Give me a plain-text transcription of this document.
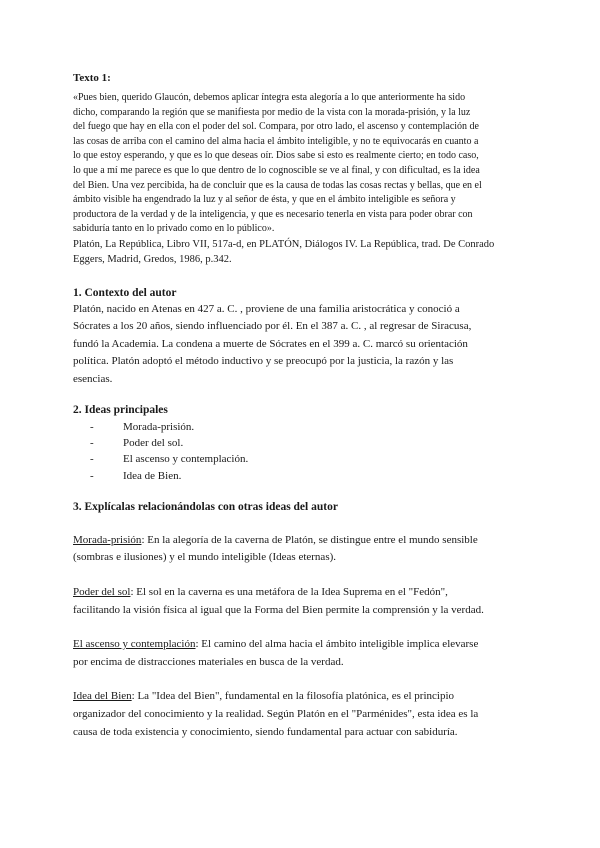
Texto 1:

«Pues bien, querido Glaucón, debemos aplicar íntegra esta alegoría a lo que anteriormente ha sido
dicho, comparando la región que se manifiesta por medio de la vista con la morada-prisión, y la luz
del fuego que hay en ella con el poder del sol. Compara, por otro lado, el ascenso y contemplación de
las cosas de arriba con el camino del alma hacia el ámbito inteligible, y no te equivocarás en cuanto a
lo que estoy esperando, y que es lo que deseas oír. Dios sabe si esto es realmente cierto; en todo caso,
lo que a mí me parece es que lo que dentro de lo cognoscible se ve al final, y con dificultad, es la idea
del Bien. Una vez percibida, ha de concluir que es la causa de todas las cosas rectas y bellas, que en el
ámbito visible ha engendrado la luz y al señor de ésta, y que en el ámbito inteligible es señora y
productora de la verdad y de la inteligencia, y que es necesario tenerla en vista para poder obrar con
sabiduría tanto en lo privado como en lo público».

Platón, La República, Libro VII, 517a-d, en PLATÓN, Diálogos IV. La República, trad. De Conrado
Eggers, Madrid, Gredos, 1986, p.342.

1. Contexto del autor

Platón, nacido en Atenas en 427 a. C. , proviene de una familia aristocrática y conoció a
Sócrates a los 20 años, siendo influenciado por él. En el 387 a. C. , al regresar de Siracusa,
fundó la Academia. La condena a muerte de Sócrates en el 399 a. C. marcó su orientación
política. Platón adoptó el método inductivo y se preocupó por la justicia, la razón y las
esencias.

2. Ideas principales

-	Morada-prisión.
-	Poder del sol.
-	El ascenso y contemplación.
-	Idea de Bien.

3. Explícalas relacionándolas con otras ideas del autor

Morada-prisión: En la alegoría de la caverna de Platón, se distingue entre el mundo sensible
(sombras e ilusiones) y el mundo inteligible (Ideas eternas).

Poder del sol: El sol en la caverna es una metáfora de la Idea Suprema en el "Fedón",
facilitando la visión física al igual que la Forma del Bien permite la comprensión y la verdad.

El ascenso y contemplación: El camino del alma hacia el ámbito inteligible implica elevarse
por encima de distracciones materiales en busca de la verdad.

Idea del Bien: La "Idea del Bien", fundamental en la filosofía platónica, es el principio
organizador del conocimiento y la realidad. Según Platón en el "Parménides", esta idea es la
causa de toda existencia y conocimiento, siendo fundamental para actuar con sabiduría.
